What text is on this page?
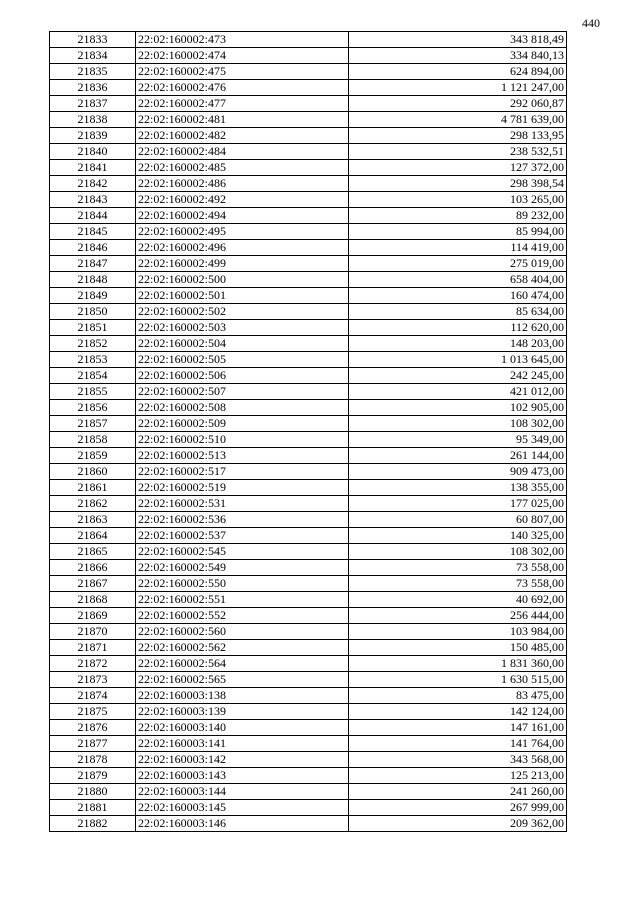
440
21833	22:02:160002:473	343 818,49
21834	22:02:160002:474	334 840,13
21835	22:02:160002:475	624 894,00
21836	22:02:160002:476	1 121 247,00
21837	22:02:160002:477	292 060,87
21838	22:02:160002:481	4 781 639,00
21839	22:02:160002:482	298 133,95
21840	22:02:160002:484	238 532,51
21841	22:02:160002:485	127 372,00
21842	22:02:160002:486	298 398,54
21843	22:02:160002:492	103 265,00
21844	22:02:160002:494	89 232,00
21845	22:02:160002:495	85 994,00
21846	22:02:160002:496	114 419,00
21847	22:02:160002:499	275 019,00
21848	22:02:160002:500	658 404,00
21849	22:02:160002:501	160 474,00
21850	22:02:160002:502	85 634,00
21851	22:02:160002:503	112 620,00
21852	22:02:160002:504	148 203,00
21853	22:02:160002:505	1 013 645,00
21854	22:02:160002:506	242 245,00
21855	22:02:160002:507	421 012,00
21856	22:02:160002:508	102 905,00
21857	22:02:160002:509	108 302,00
21858	22:02:160002:510	95 349,00
21859	22:02:160002:513	261 144,00
21860	22:02:160002:517	909 473,00
21861	22:02:160002:519	138 355,00
21862	22:02:160002:531	177 025,00
21863	22:02:160002:536	60 807,00
21864	22:02:160002:537	140 325,00
21865	22:02:160002:545	108 302,00
21866	22:02:160002:549	73 558,00
21867	22:02:160002:550	73 558,00
21868	22:02:160002:551	40 692,00
21869	22:02:160002:552	256 444,00
21870	22:02:160002:560	103 984,00
21871	22:02:160002:562	150 485,00
21872	22:02:160002:564	1 831 360,00
21873	22:02:160002:565	1 630 515,00
21874	22:02:160003:138	83 475,00
21875	22:02:160003:139	142 124,00
21876	22:02:160003:140	147 161,00
21877	22:02:160003:141	141 764,00
21878	22:02:160003:142	343 568,00
21879	22:02:160003:143	125 213,00
21880	22:02:160003:144	241 260,00
21881	22:02:160003:145	267 999,00
21882	22:02:160003:146	209 362,00
